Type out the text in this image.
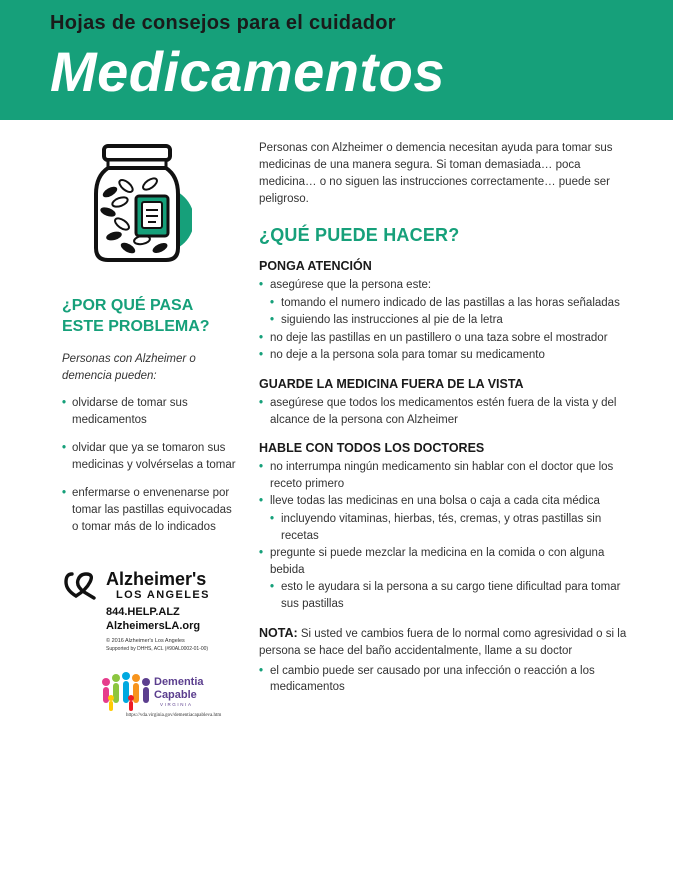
Hojas de consejos para el cuidador
Medicamentos
¿POR QUÉ PASA
ESTE PROBLEMA?
Personas con Alzheimer o demencia pueden:
• olvidarse de tomar sus medicamentos
• olvidar que ya se tomaron sus medicinas y volvérselas a tomar
• enfermarse o envenenarse por tomar las pastillas equivocadas o tomar más de lo indicados
Alzheimer's
LOS ANGELES
844.HELP.ALZ
AlzheimersLA.org
© 2016 Alzheimer's Los Angeles
Supported by DHHS, ACL (#90AL0002-01-00)
Dementia
Capable
VIRGINIA
https://vda.virginia.gov/dementiacapableva.htm

Personas con Alzheimer o demencia necesitan ayuda para tomar sus medicinas de una manera segura. Si toman demasiada… poca medicina… o no siguen las instrucciones correctamente… puede ser peligroso.

¿QUÉ PUEDE HACER?
PONGA ATENCIÓN
• asegúrese que la persona este:
• tomando el numero indicado de las pastillas a las horas señaladas
• siguiendo las instrucciones al pie de la letra
• no deje las pastillas en un pastillero o una taza sobre el mostrador
• no deje a la persona sola para tomar su medicamento
GUARDE LA MEDICINA FUERA DE LA VISTA
• asegúrese que todos los medicamentos estén fuera de la vista y del alcance de la persona con Alzheimer
HABLE CON TODOS LOS DOCTORES
• no interrumpa ningún medicamento sin hablar con el doctor que los receto primero
• lleve todas las medicinas en una bolsa o caja a cada cita médica
• incluyendo vitaminas, hierbas, tés, cremas, y otras pastillas sin recetas
• pregunte si puede mezclar la medicina en la comida o con alguna bebida
• esto le ayudara si la persona a su cargo tiene dificultad para tomar sus pastillas

NOTA: Si usted ve cambios fuera de lo normal como agresividad o si la persona se hace del baño accidentalmente, llame a su doctor

• el cambio puede ser causado por una infección o reacción a los medicamentos
